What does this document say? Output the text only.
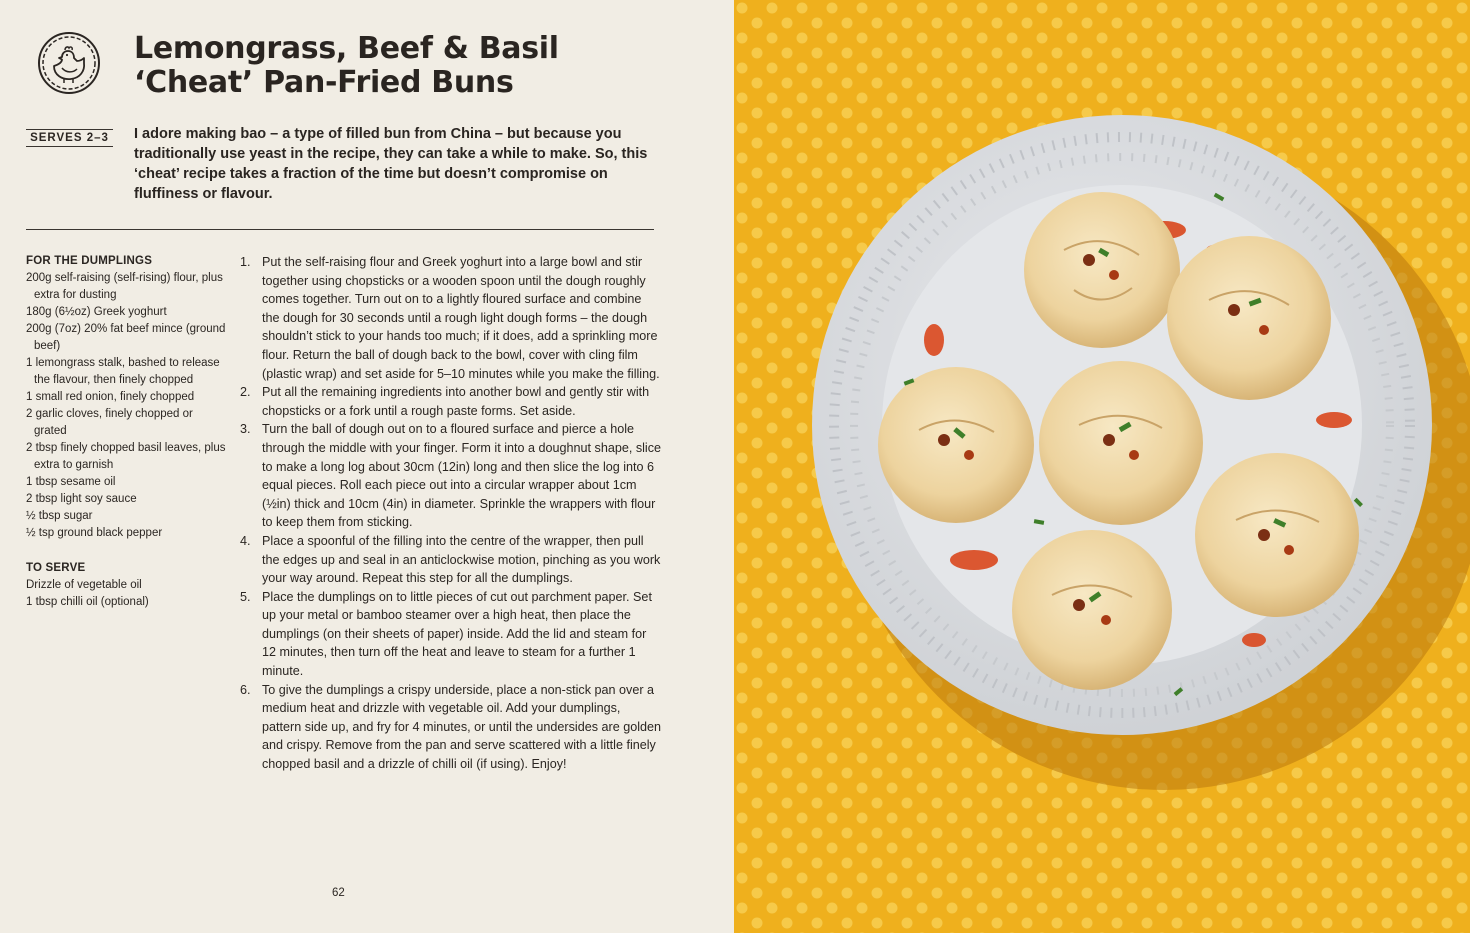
Lemongrass, Beef & Basil
‘Cheat’ Pan-Fried Buns
SERVES 2–3 I adore making bao – a type of filled bun from China – but because you traditionally use yeast in the recipe, they can take a while to make. So, this ‘cheat’ recipe takes a fraction of the time but doesn’t compromise on fluffiness or flavour.

FOR THE DUMPLINGS
200g self-raising (self-rising) flour, plus extra for dusting
180g (6½oz) Greek yoghurt
200g (7oz) 20% fat beef mince (ground beef)
1 lemongrass stalk, bashed to release the flavour, then finely chopped
1 small red onion, finely chopped
2 garlic cloves, finely chopped or grated
2 tbsp finely chopped basil leaves, plus extra to garnish
1 tbsp sesame oil
2 tbsp light soy sauce
½ tbsp sugar
½ tsp ground black pepper
TO SERVE
Drizzle of vegetable oil
1 tbsp chilli oil (optional)
1. Put the self-raising flour and Greek yoghurt into a large bowl and stir together using chopsticks or a wooden spoon until the dough roughly comes together. Turn out on to a lightly floured surface and combine the dough for 30 seconds until a rough light dough forms – the dough shouldn’t stick to your hands too much; if it does, add a sprinkling more flour. Return the ball of dough back to the bowl, cover with cling film (plastic wrap) and set aside for 5–10 minutes while you make the filling.
2. Put all the remaining ingredients into another bowl and gently stir with chopsticks or a fork until a rough paste forms. Set aside.
3. Turn the ball of dough out on to a floured surface and pierce a hole through the middle with your finger. Form it into a doughnut shape, slice to make a long log about 30cm (12in) long and then slice the log into 6 equal pieces. Roll each piece out into a circular wrapper about 1cm (½in) thick and 10cm (4in) in diameter. Sprinkle the wrappers with flour to keep them from sticking.
4. Place a spoonful of the filling into the centre of the wrapper, then pull the edges up and seal in an anticlockwise motion, pinching as you work your way around. Repeat this step for all the dumplings.
5. Place the dumplings on to little pieces of cut out parchment paper. Set up your metal or bamboo steamer over a high heat, then place the dumplings (on their sheets of paper) inside. Add the lid and steam for 12 minutes, then turn off the heat and leave to steam for a further 1 minute.
6. To give the dumplings a crispy underside, place a non-stick pan over a medium heat and drizzle with vegetable oil. Add your dumplings, pattern side up, and fry for 4 minutes, or until the undersides are golden and crispy. Remove from the pan and serve scattered with a little finely chopped basil and a drizzle of chilli oil (if using). Enjoy!
62
